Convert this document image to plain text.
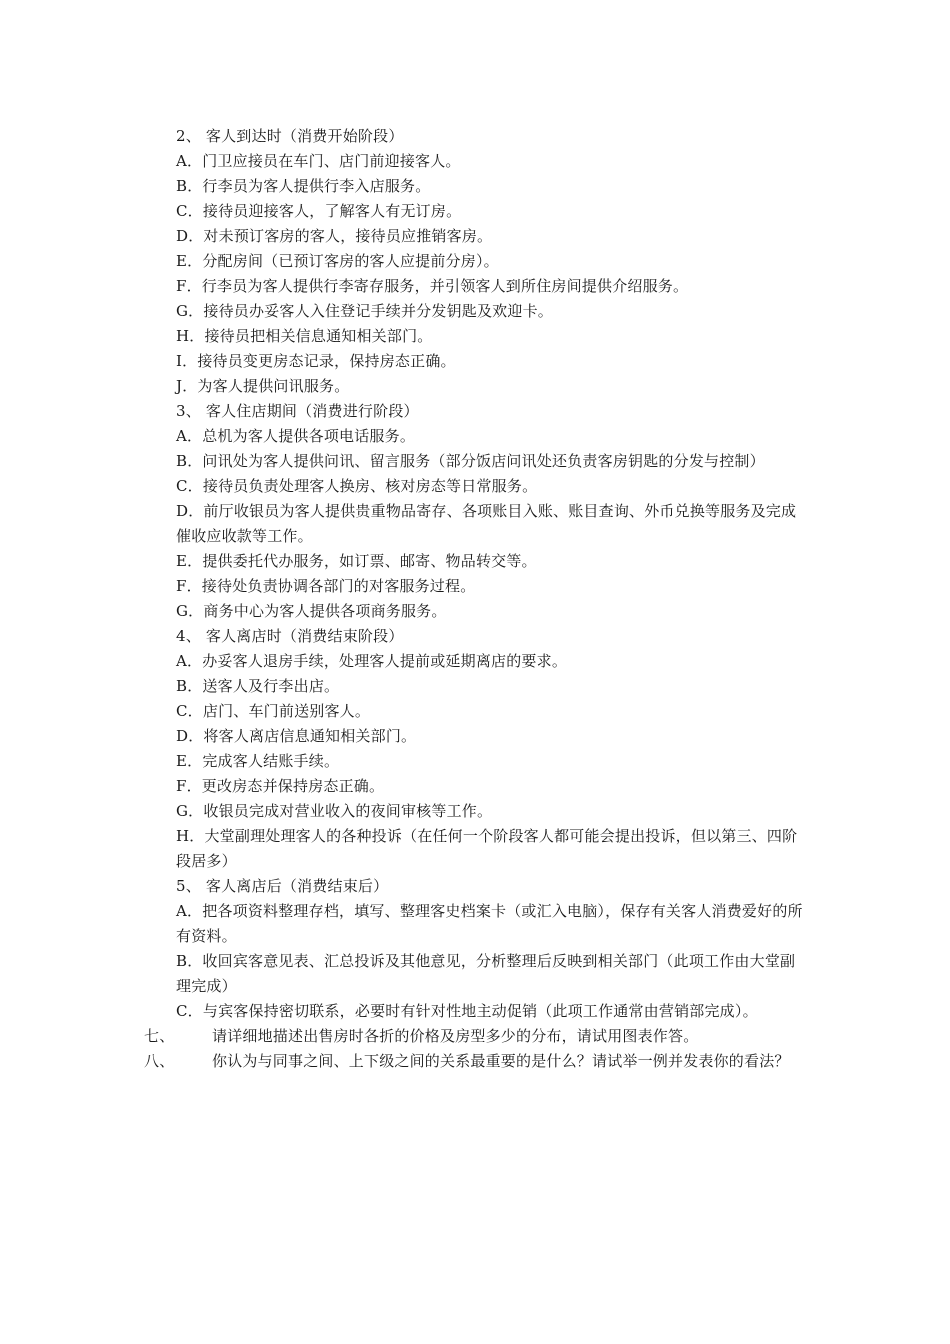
2、 客人到达时（消费开始阶段）
A．门卫应接员在车门、店门前迎接客人。
B．行李员为客人提供行李入店服务。
C．接待员迎接客人，了解客人有无订房。
D．对未预订客房的客人，接待员应推销客房。
E．分配房间（已预订客房的客人应提前分房）。
F．行李员为客人提供行李寄存服务，并引领客人到所住房间提供介绍服务。
G．接待员办妥客人入住登记手续并分发钥匙及欢迎卡。
H．接待员把相关信息通知相关部门。
I．接待员变更房态记录，保持房态正确。
J．为客人提供问讯服务。
3、 客人住店期间（消费进行阶段）
A．总机为客人提供各项电话服务。
B．问讯处为客人提供问讯、留言服务（部分饭店问讯处还负责客房钥匙的分发与控制）
C．接待员负责处理客人换房、核对房态等日常服务。
D．前厅收银员为客人提供贵重物品寄存、各项账目入账、账目查询、外币兑换等服务及完成催收应收款等工作。
E．提供委托代办服务，如订票、邮寄、物品转交等。
F．接待处负责协调各部门的对客服务过程。
G．商务中心为客人提供各项商务服务。
4、 客人离店时（消费结束阶段）
A．办妥客人退房手续，处理客人提前或延期离店的要求。
B．送客人及行李出店。
C．店门、车门前送别客人。
D．将客人离店信息通知相关部门。
E．完成客人结账手续。
F．更改房态并保持房态正确。
G．收银员完成对营业收入的夜间审核等工作。
H．大堂副理处理客人的各种投诉（在任何一个阶段客人都可能会提出投诉，但以第三、四阶段居多）
5、 客人离店后（消费结束后）
A．把各项资料整理存档，填写、整理客史档案卡（或汇入电脑），保存有关客人消费爱好的所有资料。
B．收回宾客意见表、汇总投诉及其他意见，分析整理后反映到相关部门（此项工作由大堂副理完成）
C．与宾客保持密切联系，必要时有针对性地主动促销（此项工作通常由营销部完成）。
七、	请详细地描述出售房时各折的价格及房型多少的分布，请试用图表作答。
八、	你认为与同事之间、上下级之间的关系最重要的是什么？请试举一例并发表你的看法？
